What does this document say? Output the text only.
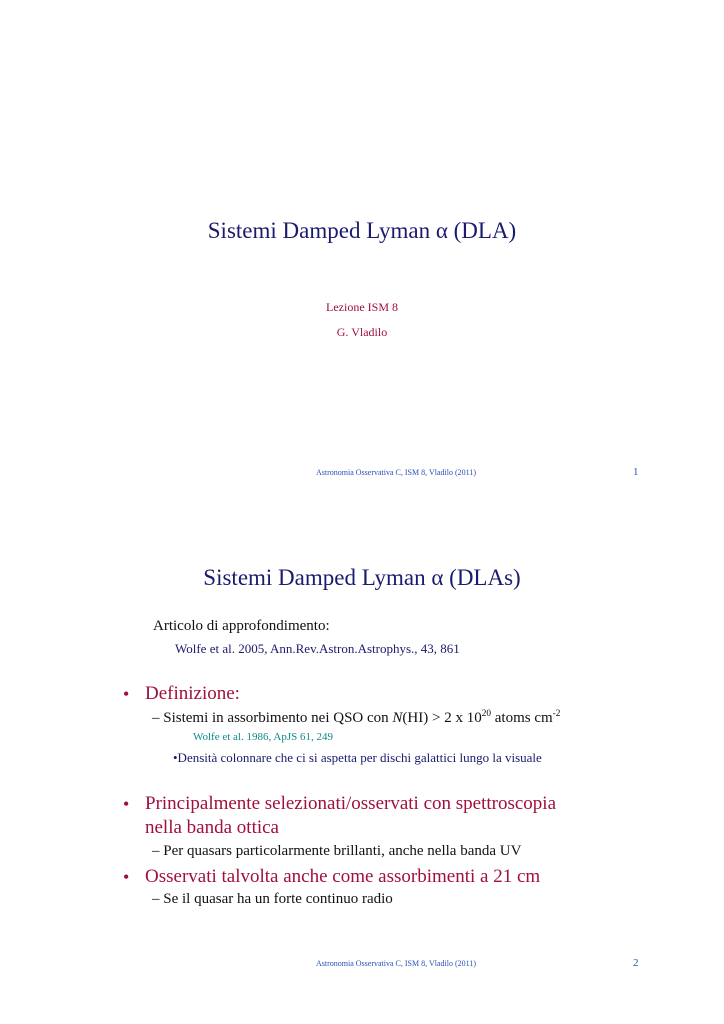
Sistemi Damped Lyman α (DLA)
Lezione ISM 8
G. Vladilo
Astronomia Osservativa C, ISM 8, Vladilo (2011)	1
Sistemi Damped Lyman α (DLAs)
Articolo di approfondimento:
Wolfe et al. 2005, Ann.Rev.Astron.Astrophys., 43, 861
• Definizione:
– Sistemi in assorbimento nei QSO con N(HI) > 2 x $10^{20}$ atoms $cm^{-2}$
Wolfe et al. 1986, ApJS 61, 249
•Densità colonnare che ci si aspetta per dischi galattici lungo la visuale
• Principalmente selezionati/osservati con spettroscopia
nella banda ottica
– Per quasars particolarmente brillanti, anche nella banda UV
• Osservati talvolta anche come assorbimenti a 21 cm
– Se il quasar ha un forte continuo radio
Astronomia Osservativa C, ISM 8, Vladilo (2011)	2
